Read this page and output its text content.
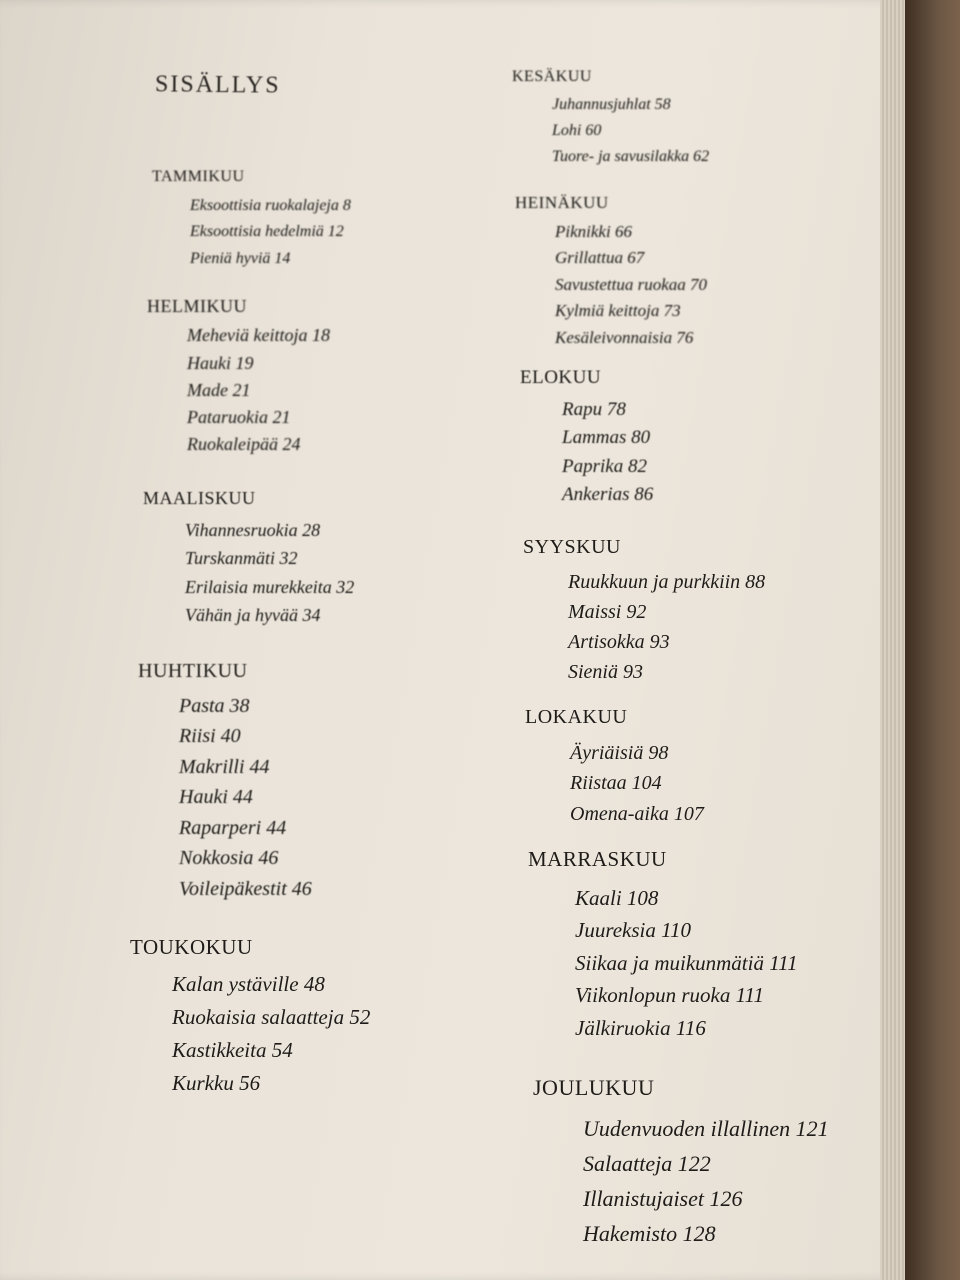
SISÄLLYS
TAMMIKUU
Eksoottisia ruokalajeja 8
Eksoottisia hedelmiä 12
Pieniä hyviä 14
HELMIKUU
Meheviä keittoja 18
Hauki 19
Made 21
Pataruokia 21
Ruokaleipää 24
MAALISKUU
Vihannesruokia 28
Turskanmäti 32
Erilaisia murekkeita 32
Vähän ja hyvää 34
HUHTIKUU
Pasta 38
Riisi 40
Makrilli 44
Hauki 44
Raparperi 44
Nokkosia 46
Voileipäkestit 46
TOUKOKUU
Kalan ystäville 48
Ruokaisia salaatteja 52
Kastikkeita 54
Kurkku 56
KESÄKUU
Juhannusjuhlat 58
Lohi 60
Tuore- ja savusilakka 62
HEINÄKUU
Piknikki 66
Grillattua 67
Savustettua ruokaa 70
Kylmiä keittoja 73
Kesäleivonnaisia 76
ELOKUU
Rapu 78
Lammas 80
Paprika 82
Ankerias 86
SYYSKUU
Ruukkuun ja purkkiin 88
Maissi 92
Artisokka 93
Sieniä 93
LOKAKUU
Äyriäisiä 98
Riistaa 104
Omena-aika 107
MARRASKUU
Kaali 108
Juureksia 110
Siikaa ja muikunmätiä 111
Viikonlopun ruoka 111
Jälkiruokia 116
JOULUKUU
Uudenvuoden illallinen 121
Salaatteja 122
Illanistujaiset 126
Hakemisto 128
